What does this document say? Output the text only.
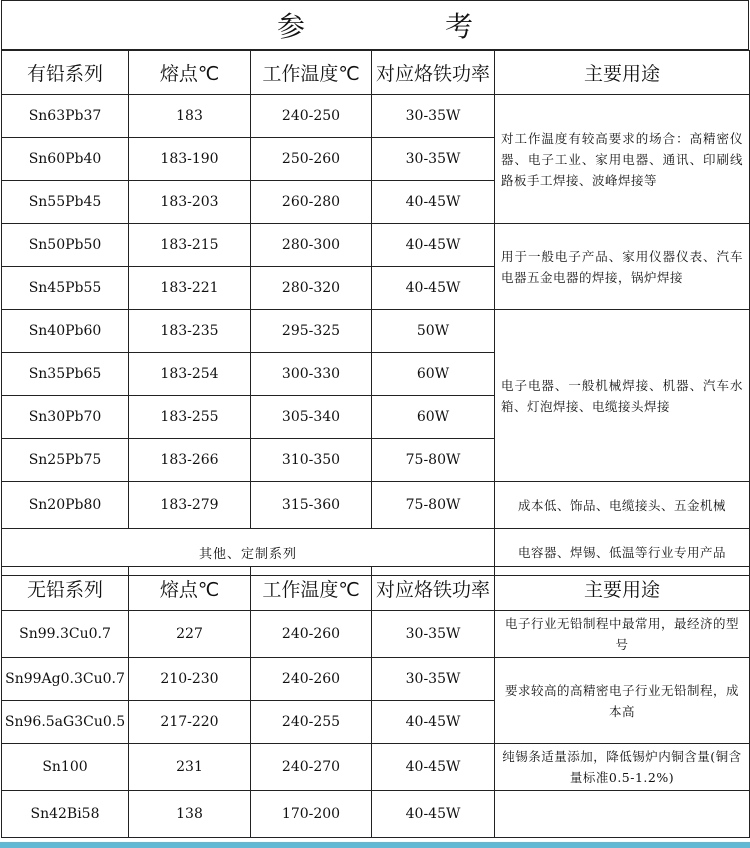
参　考
有铅系列	熔点℃	工作温度℃	对应烙铁功率	主要用途
Sn63Pb37	183	240-250	30-35W	对工作温度有较高要求的场合：高精密仪器、电子工业、家用电器、通讯、印刷线路板手工焊接、波峰焊接等
Sn60Pb40	183-190	250-260	30-35W	
Sn55Pb45	183-203	260-280	40-45W	
Sn50Pb50	183-215	280-300	40-45W	用于一般电子产品、家用仪器仪表、汽车电器五金电器的焊接，锅炉焊接
Sn45Pb55	183-221	280-320	40-45W	
Sn40Pb60	183-235	295-325	50W	电子电器、一般机械焊接、机器、汽车水箱、灯泡焊接、电缆接头焊接
Sn35Pb65	183-254	300-330	60W	
Sn30Pb70	183-255	305-340	60W	
Sn25Pb75	183-266	310-350	75-80W	
Sn20Pb80	183-279	315-360	75-80W	成本低、饰品、电缆接头、五金机械
其他、定制系列				电容器、焊锡、低温等行业专用产品
无铅系列	熔点℃	工作温度℃	对应烙铁功率	主要用途
Sn99.3Cu0.7	227	240-260	30-35W	电子行业无铅制程中最常用，最经济的型号
Sn99Ag0.3Cu0.7	210-230	240-260	30-35W	要求较高的高精密电子行业无铅制程，成本高
Sn96.5aG3Cu0.5	217-220	240-255	40-45W	
Sn100	231	240-270	40-45W	纯锡条适量添加，降低锡炉内铜含量(铜含量标准0.5-1.2%)
Sn42Bi58	138	170-200	40-45W	
